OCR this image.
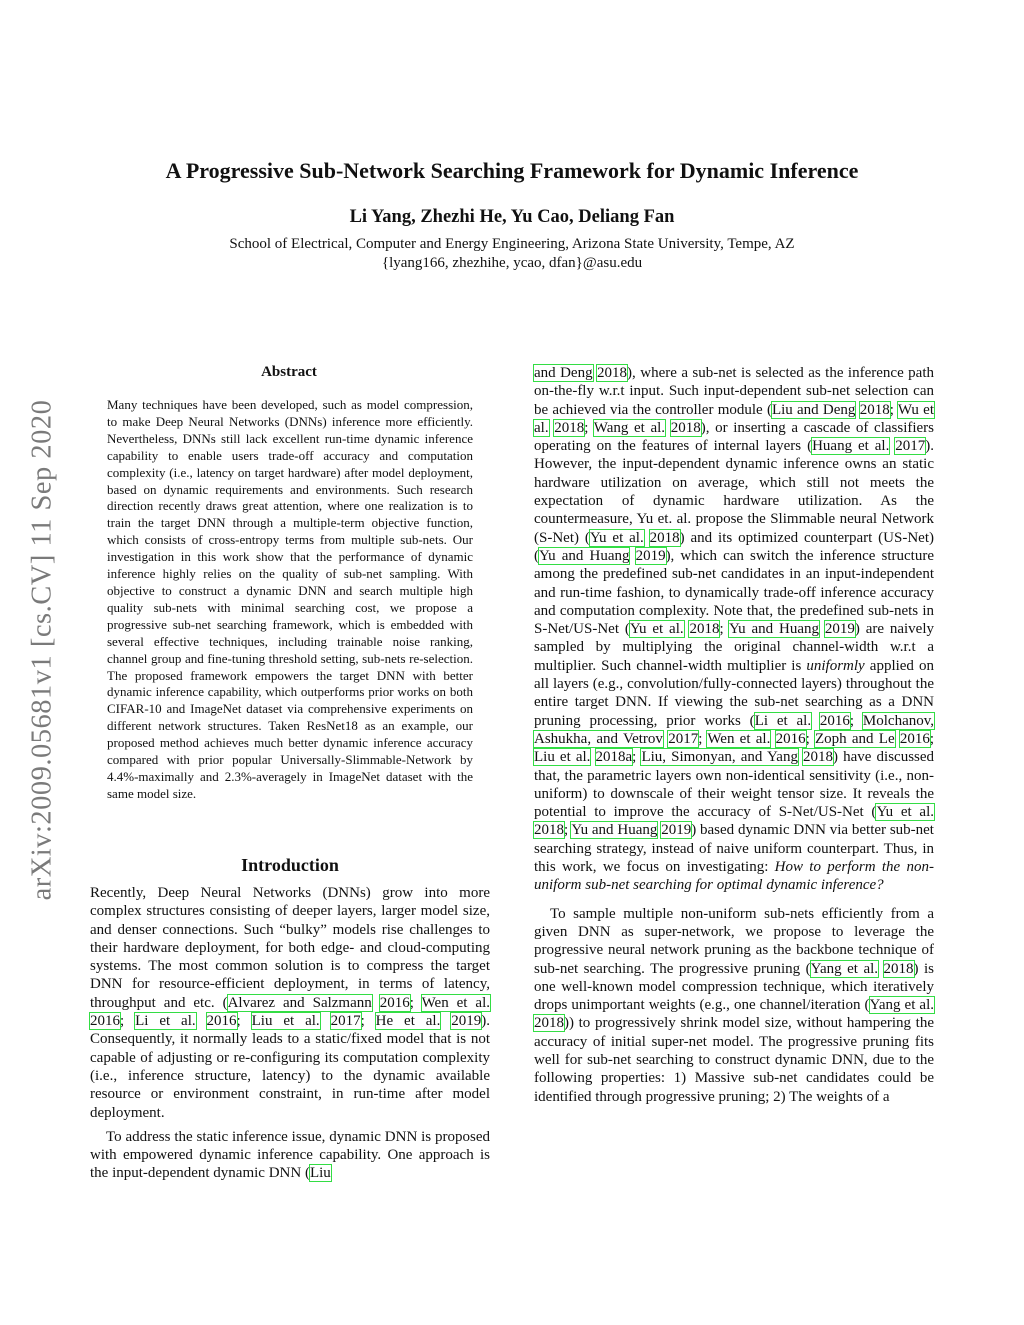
A Progressive Sub-Network Searching Framework for Dynamic Inference
Li Yang, Zhezhi He, Yu Cao, Deliang Fan
School of Electrical, Computer and Energy Engineering, Arizona State University, Tempe, AZ
{lyang166, zhezhihe, ycao, dfan}@asu.edu
arXiv:2009.05681v1 [cs.CV] 11 Sep 2020
Abstract
Many techniques have been developed, such as model compression, to make Deep Neural Networks (DNNs) inference more efficiently. Nevertheless, DNNs still lack excellent run-time dynamic inference capability to enable users trade-off accuracy and computation complexity (i.e., latency on target hardware) after model deployment, based on dynamic requirements and environments. Such research direction recently draws great attention, where one realization is to train the target DNN through a multiple-term objective function, which consists of cross-entropy terms from multiple sub-nets. Our investigation in this work show that the performance of dynamic inference highly relies on the quality of sub-net sampling. With objective to construct a dynamic DNN and search multiple high quality sub-nets with minimal searching cost, we propose a progressive sub-net searching framework, which is embedded with several effective techniques, including trainable noise ranking, channel group and fine-tuning threshold setting, sub-nets re-selection. The proposed framework empowers the target DNN with better dynamic inference capability, which outperforms prior works on both CIFAR-10 and ImageNet dataset via comprehensive experiments on different network structures. Taken ResNet18 as an example, our proposed method achieves much better dynamic inference accuracy compared with prior popular Universally-Slimmable-Network by 4.4%-maximally and 2.3%-averagely in ImageNet dataset with the same model size.
Introduction

Recently, Deep Neural Networks (DNNs) grow into more complex structures consisting of deeper layers, larger model size, and denser connections. Such “bulky” models rise challenges to their hardware deployment, for both edge- and cloud-computing systems. The most common solution is to compress the target DNN for resource-efficient deployment, in terms of latency, throughput and etc. (Alvarez and Salzmann 2016; Wen et al. 2016; Li et al. 2016; Liu et al. 2017; He et al. 2019). Consequently, it normally leads to a static/fixed model that is not capable of adjusting or re-configuring its computation complexity (i.e., inference structure, latency) to the dynamic available resource or environment constraint, in run-time after model deployment.

To address the static inference issue, dynamic DNN is proposed with empowered dynamic inference capability. One approach is the input-dependent dynamic DNN (Liu

and Deng 2018), where a sub-net is selected as the inference path on-the-fly w.r.t input. Such input-dependent sub-net selection can be achieved via the controller module (Liu and Deng 2018; Wu et al. 2018; Wang et al. 2018), or inserting a cascade of classifiers operating on the features of internal layers (Huang et al. 2017). However, the input-dependent dynamic inference owns an static hardware utilization on average, which still not meets the expectation of dynamic hardware utilization. As the countermeasure, Yu et. al. propose the Slimmable neural Network (S-Net) (Yu et al. 2018) and its optimized counterpart (US-Net) (Yu and Huang 2019), which can switch the inference structure among the predefined sub-net candidates in an input-independent and run-time fashion, to dynamically trade-off inference accuracy and computation complexity. Note that, the predefined sub-nets in S-Net/US-Net (Yu et al. 2018; Yu and Huang 2019) are naively sampled by multiplying the original channel-width w.r.t a multiplier. Such channel-width multiplier is uniformly applied on all layers (e.g., convolution/fully-connected layers) throughout the entire target DNN. If viewing the sub-net searching as a DNN pruning processing, prior works (Li et al. 2016; Molchanov, Ashukha, and Vetrov 2017; Wen et al. 2016; Zoph and Le 2016; Liu et al. 2018a; Liu, Simonyan, and Yang 2018) have discussed that, the parametric layers own non-identical sensitivity (i.e., non-uniform) to downscale of their weight tensor size. It reveals the potential to improve the accuracy of S-Net/US-Net (Yu et al. 2018; Yu and Huang 2019) based dynamic DNN via better sub-net searching strategy, instead of naive uniform counterpart. Thus, in this work, we focus on investigating: How to perform the non-uniform sub-net searching for optimal dynamic inference?

To sample multiple non-uniform sub-nets efficiently from a given DNN as super-network, we propose to leverage the progressive neural network pruning as the backbone technique of sub-net searching. The progressive pruning (Yang et al. 2018) is one well-known model compression technique, which iteratively drops unimportant weights (e.g., one channel/iteration (Yang et al. 2018)) to progressively shrink model size, without hampering the accuracy of initial super-net model. The progressive pruning fits well for sub-net searching to construct dynamic DNN, due to the following properties: 1) Massive sub-net candidates could be identified through progressive pruning; 2) The weights of a
